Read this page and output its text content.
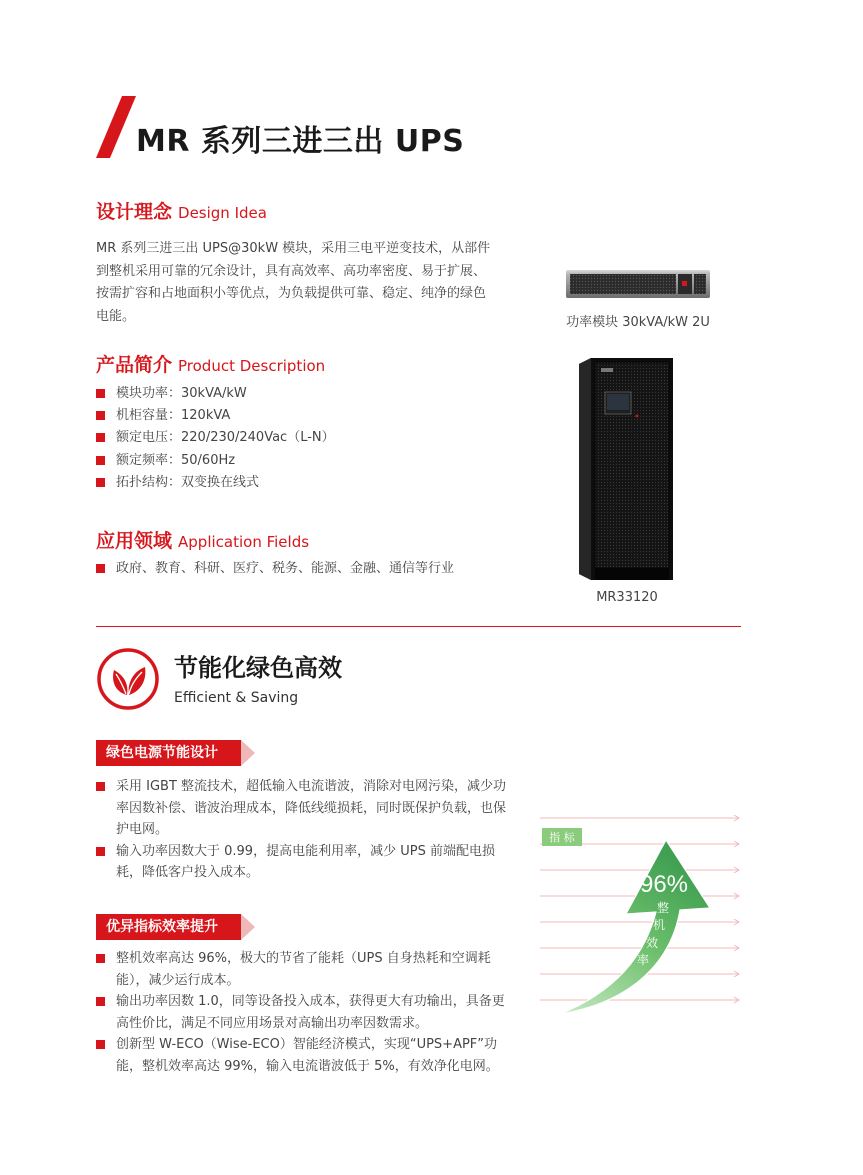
MR 系列三进三出 UPS
设计理念 Design Idea
MR 系列三进三出 UPS@30kW 模块，采用三电平逆变技术，从部件到整机采用可靠的冗余设计，具有高效率、高功率密度、易于扩展、按需扩容和占地面积小等优点，为负载提供可靠、稳定、纯净的绿色电能。
产品简介 Product Description
模块功率：30kVA/kW
机柜容量：120kVA
额定电压：220/230/240Vac（L-N）
额定频率：50/60Hz
拓扑结构：双变换在线式
应用领域 Application Fields
政府、教育、科研、医疗、税务、能源、金融、通信等行业
功率模块 30kVA/kW 2U
MR33120
节能化绿色高效
Efficient & Saving
绿色电源节能设计
采用 IGBT 整流技术，超低输入电流谐波，消除对电网污染，减少功率因数补偿、谐波治理成本，降低线缆损耗，同时既保护负载，也保护电网。
输入功率因数大于 0.99，提高电能利用率，减少 UPS 前端配电损耗，降低客户投入成本。
优异指标效率提升
整机效率高达 96%，极大的节省了能耗（UPS 自身热耗和空调耗能），减少运行成本。
输出功率因数 1.0，同等设备投入成本，获得更大有功输出，具备更高性价比，满足不同应用场景对高输出功率因数需求。
创新型 W-ECO（Wise-ECO）智能经济模式，实现“UPS+APF”功能，整机效率高达 99%，输入电流谐波低于 5%，有效净化电网。
指 标
96%
整
机
效
率
